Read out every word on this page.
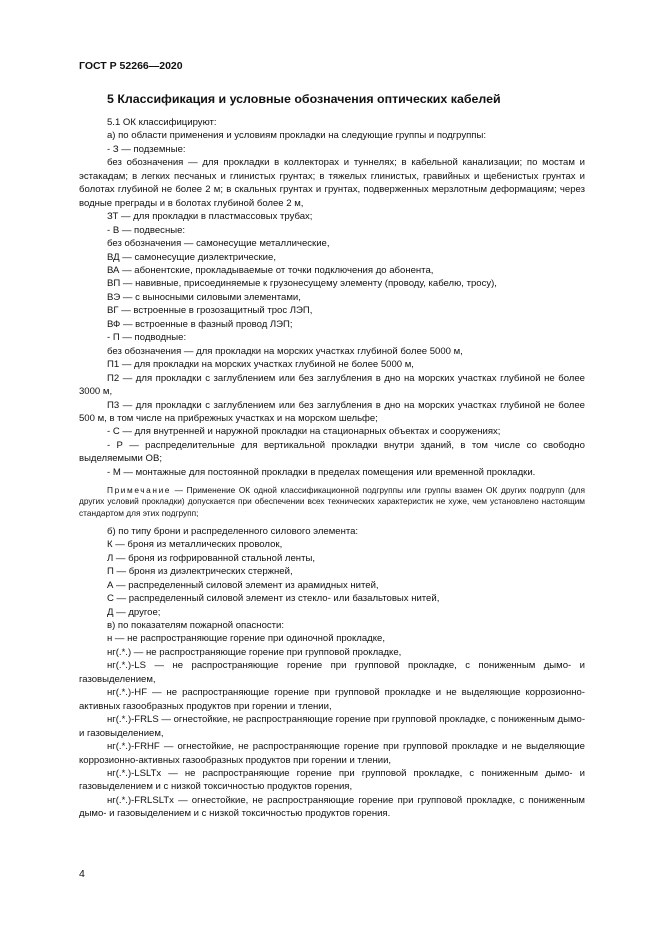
ГОСТ Р 52266—2020
5 Классификация и условные обозначения оптических кабелей

5.1 ОК классифицируют:

а) по области применения и условиям прокладки на следующие группы и подгруппы:

- З — подземные:

без обозначения — для прокладки в коллекторах и туннелях; в кабельной канализации; по мостам и эстакадам; в легких песчаных и глинистых грунтах; в тяжелых глинистых, гравийных и щебенистых грунтах и болотах глубиной не более 2 м; в скальных грунтах и грунтах, подверженных мерзлотным деформациям; через водные преграды и в болотах глубиной более 2 м,

ЗТ — для прокладки в пластмассовых трубах;

- В — подвесные:

без обозначения — самонесущие металлические,

ВД — самонесущие диэлектрические,

ВА — абонентские, прокладываемые от точки подключения до абонента,

ВП — навивные, присоединяемые к грузонесущему элементу (проводу, кабелю, тросу),

ВЭ — с выносными силовыми элементами,

ВГ — встроенные в грозозащитный трос ЛЭП,

ВФ — встроенные в фазный провод ЛЭП;

- П — подводные:

без обозначения — для прокладки на морских участках глубиной более 5000 м,

П1 — для прокладки на морских участках глубиной не более 5000 м,

П2 — для прокладки с заглублением или без заглубления в дно на морских участках глубиной не более 3000 м,

П3 — для прокладки с заглублением или без заглубления в дно на морских участках глубиной не более 500 м, в том числе на прибрежных участках и на морском шельфе;

- С — для внутренней и наружной прокладки на стационарных объектах и сооружениях;

- Р — распределительные для вертикальной прокладки внутри зданий, в том числе со свободно выделяемыми ОВ;

- М — монтажные для постоянной прокладки в пределах помещения или временной прокладки.

Примечание — Применение ОК одной классификационной подгруппы или группы взамен ОК других подгрупп (для других условий прокладки) допускается при обеспечении всех технических характеристик не хуже, чем установлено настоящим стандартом для этих подгрупп;

б) по типу брони и распределенного силового элемента:

К — броня из металлических проволок,

Л — броня из гофрированной стальной ленты,

П — броня из диэлектрических стержней,

А — распределенный силовой элемент из арамидных нитей,

С — распределенный силовой элемент из стекло- или базальтовых нитей,

Д — другое;

в) по показателям пожарной опасности:

н — не распространяющие горение при одиночной прокладке,

нг(.*.) — не распространяющие горение при групповой прокладке,

нг(.*.)-LS — не распространяющие горение при групповой прокладке, с пониженным дымо- и газовыделением,

нг(.*.)-HF — не распространяющие горение при групповой прокладке и не выделяющие коррозионно-активных газообразных продуктов при горении и тлении,

нг(.*.)-FRLS — огнестойкие, не распространяющие горение при групповой прокладке, с пониженным дымо- и газовыделением,

нг(.*.)-FRHF — огнестойкие, не распространяющие горение при групповой прокладке и не выделяющие коррозионно-активных газообразных продуктов при горении и тлении,

нг(.*.)-LSLTx — не распространяющие горение при групповой прокладке, с пониженным дымо- и газовыделением и с низкой токсичностью продуктов горения,

нг(.*.)-FRLSLTx — огнестойкие, не распространяющие горение при групповой прокладке, с пониженным дымо- и газовыделением и с низкой токсичностью продуктов горения.

4
